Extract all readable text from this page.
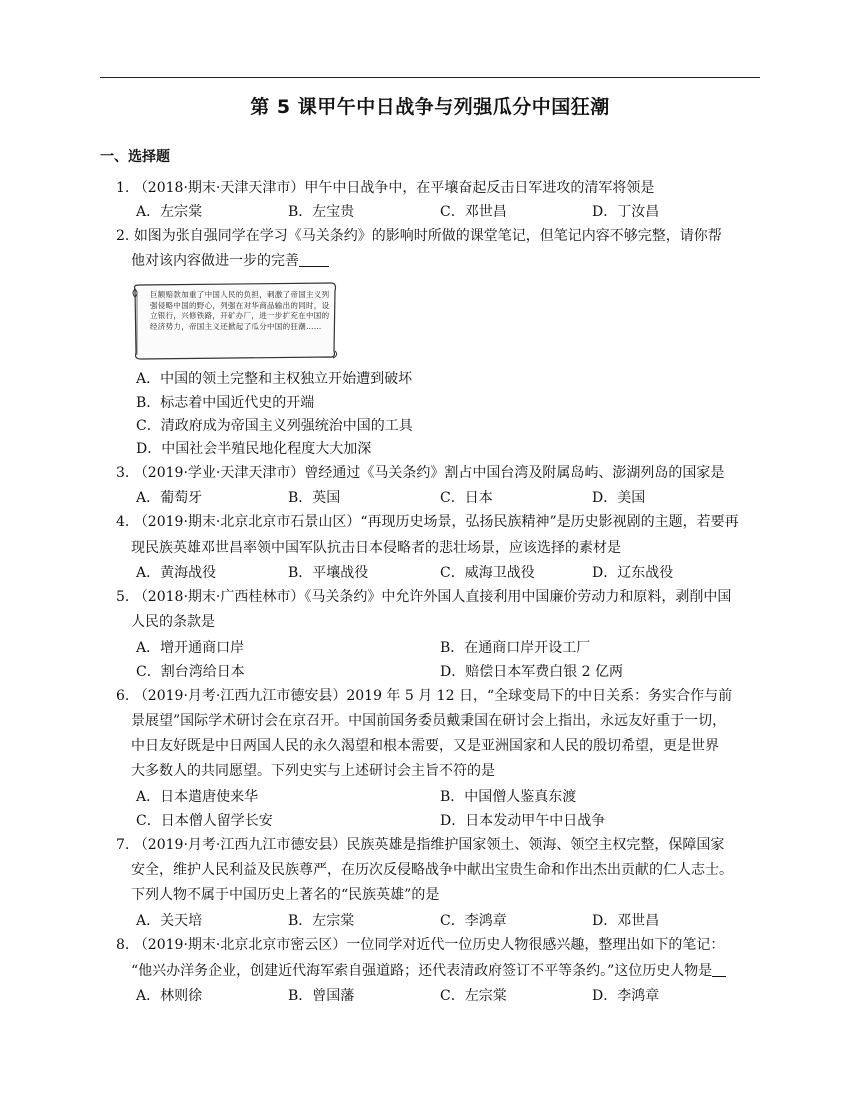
第 5 课甲午中日战争与列强瓜分中国狂潮
一、选择题
1. （2018·期末·天津天津市）甲午中日战争中，在平壤奋起反击日军进攻的清军将领是
A．左宗棠	B．左宝贵	C．邓世昌	D．丁汝昌
2. 如图为张自强同学在学习《马关条约》的影响时所做的课堂笔记，但笔记内容不够完整，请你帮
他对该内容做进一步的完善
巨额赔款加重了中国人民的负担，刺激了帝国主义列强侵略中国的野心，列强在对华商品输出的同时，设立银行，兴修铁路，开矿办厂，进一步扩充在中国的经济势力，帝国主义还掀起了瓜分中国的狂潮……
A．中国的领土完整和主权独立开始遭到破坏
B．标志着中国近代史的开端
C．清政府成为帝国主义列强统治中国的工具
D．中国社会半殖民地化程度大大加深
3. （2019·学业·天津天津市）曾经通过《马关条约》割占中国台湾及附属岛屿、澎湖列岛的国家是
A．葡萄牙	B．英国	C．日本	D．美国
4. （2019·期末·北京北京市石景山区）“再现历史场景，弘扬民族精神”是历史影视剧的主题，若要再
现民族英雄邓世昌率领中国军队抗击日本侵略者的悲壮场景，应该选择的素材是
A．黄海战役	B．平壤战役	C．威海卫战役	D．辽东战役
5. （2018·期末·广西桂林市）《马关条约》中允许外国人直接利用中国廉价劳动力和原料，剥削中国
人民的条款是
A．增开通商口岸	B．在通商口岸开设工厂
C．割台湾给日本	D．赔偿日本军费白银 2 亿两
6. （2019·月考·江西九江市德安县）2019 年 5 月 12 日，“全球变局下的中日关系：务实合作与前
景展望”国际学术研讨会在京召开。中国前国务委员戴秉国在研讨会上指出，永远友好重于一切，
中日友好既是中日两国人民的永久渴望和根本需要，又是亚洲国家和人民的殷切希望，更是世界
大多数人的共同愿望。下列史实与上述研讨会主旨不符的是
A．日本遣唐使来华	B．中国僧人鉴真东渡
C．日本僧人留学长安	D．日本发动甲午中日战争
7. （2019·月考·江西九江市德安县）民族英雄是指维护国家领土、领海、领空主权完整，保障国家
安全，维护人民利益及民族尊严，在历次反侵略战争中献出宝贵生命和作出杰出贡献的仁人志士。
下列人物不属于中国历史上著名的“民族英雄”的是
A．关天培	B．左宗棠	C．李鸿章	D．邓世昌
8. （2019·期末·北京北京市密云区）一位同学对近代一位历史人物很感兴趣，整理出如下的笔记：
“他兴办洋务企业，创建近代海军索自强道路；还代表清政府签订不平等条约。”这位历史人物是
A．林则徐	B．曾国藩	C．左宗棠	D．李鸿章
